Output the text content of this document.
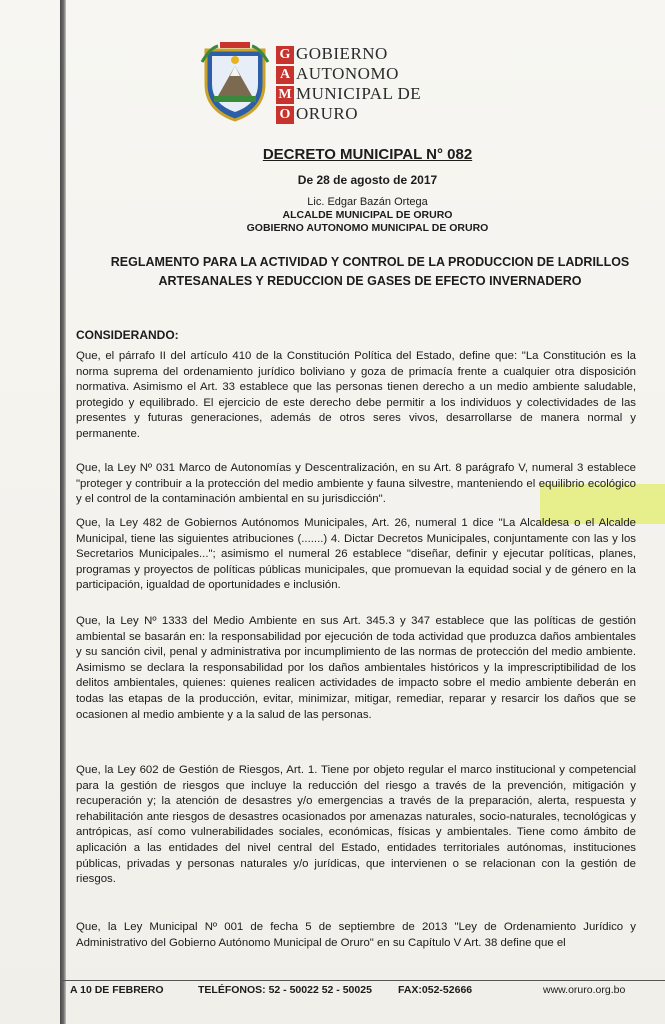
G
A
M
O
GOBIERNO
AUTONOMO
MUNICIPAL DE
ORURO
DECRETO MUNICIPAL N° 082
De 28 de agosto de 2017
Lic. Edgar Bazán Ortega
ALCALDE MUNICIPAL DE ORURO
GOBIERNO AUTONOMO MUNICIPAL DE ORURO
REGLAMENTO PARA LA ACTIVIDAD Y CONTROL DE LA PRODUCCION DE LADRILLOS ARTESANALES Y REDUCCION DE GASES DE EFECTO INVERNADERO
CONSIDERANDO:
Que, el párrafo II del artículo 410 de la Constitución Política del Estado, define que: "La Constitución es la norma suprema del ordenamiento jurídico boliviano y goza de primacía frente a cualquier otra disposición normativa. Asimismo el Art. 33 establece que las personas tienen derecho a un medio ambiente saludable, protegido y equilibrado. El ejercicio de este derecho debe permitir a los individuos y colectividades de las presentes y futuras generaciones, además de otros seres vivos, desarrollarse de manera normal y permanente.
Que, la Ley Nº 031 Marco de Autonomías y Descentralización, en su Art. 8 parágrafo V, numeral 3 establece "proteger y contribuir a la protección del medio ambiente y fauna silvestre, manteniendo el equilibrio ecológico y el control de la contaminación ambiental en su jurisdicción".
Que, la Ley 482 de Gobiernos Autónomos Municipales, Art. 26, numeral 1 dice "La Alcaldesa o el Alcalde Municipal, tiene las siguientes atribuciones (.......) 4. Dictar Decretos Municipales, conjuntamente con las y los Secretarios Municipales..."; asimismo el numeral 26 establece "diseñar, definir y ejecutar políticas, planes, programas y proyectos de políticas públicas municipales, que promuevan la equidad social y de género en la participación, igualdad de oportunidades e inclusión.
Que, la Ley Nº 1333 del Medio Ambiente en sus Art. 345.3 y 347 establece que las políticas de gestión ambiental se basarán en: la responsabilidad por ejecución de toda actividad que produzca daños ambientales y su sanción civil, penal y administrativa por incumplimiento de las normas de protección del medio ambiente. Asimismo se declara la responsabilidad por los daños ambientales históricos y la imprescriptibilidad de los delitos ambientales, quienes: quienes realicen actividades de impacto sobre el medio ambiente deberán en todas las etapas de la producción, evitar, minimizar, mitigar, remediar, reparar y resarcir los daños que se ocasionen al medio ambiente y a la salud de las personas.
Que, la Ley 602 de Gestión de Riesgos, Art. 1. Tiene por objeto regular el marco institucional y competencial para la gestión de riesgos que incluye la reducción del riesgo a través de la prevención, mitigación y recuperación y; la atención de desastres y/o emergencias a través de la preparación, alerta, respuesta y rehabilitación ante riesgos de desastres ocasionados por amenazas naturales, socio-naturales, tecnológicas y antrópicas, así como vulnerabilidades sociales, económicas, físicas y ambientales. Tiene como ámbito de aplicación a las entidades del nivel central del Estado, entidades territoriales autónomas, instituciones públicas, privadas y personas naturales y/o jurídicas, que intervienen o se relacionan con la gestión de riesgos.
Que, la Ley Municipal Nº 001 de fecha 5 de septiembre de 2013 "Ley de Ordenamiento Jurídico y Administrativo del Gobierno Autónomo Municipal de Oruro" en su Capítulo V Art. 38 define que el
A 10 DE FEBRERO	TELÉFONOS: 52 - 50022 52 - 50025 FAX:052-52666	www.oruro.org.bo
